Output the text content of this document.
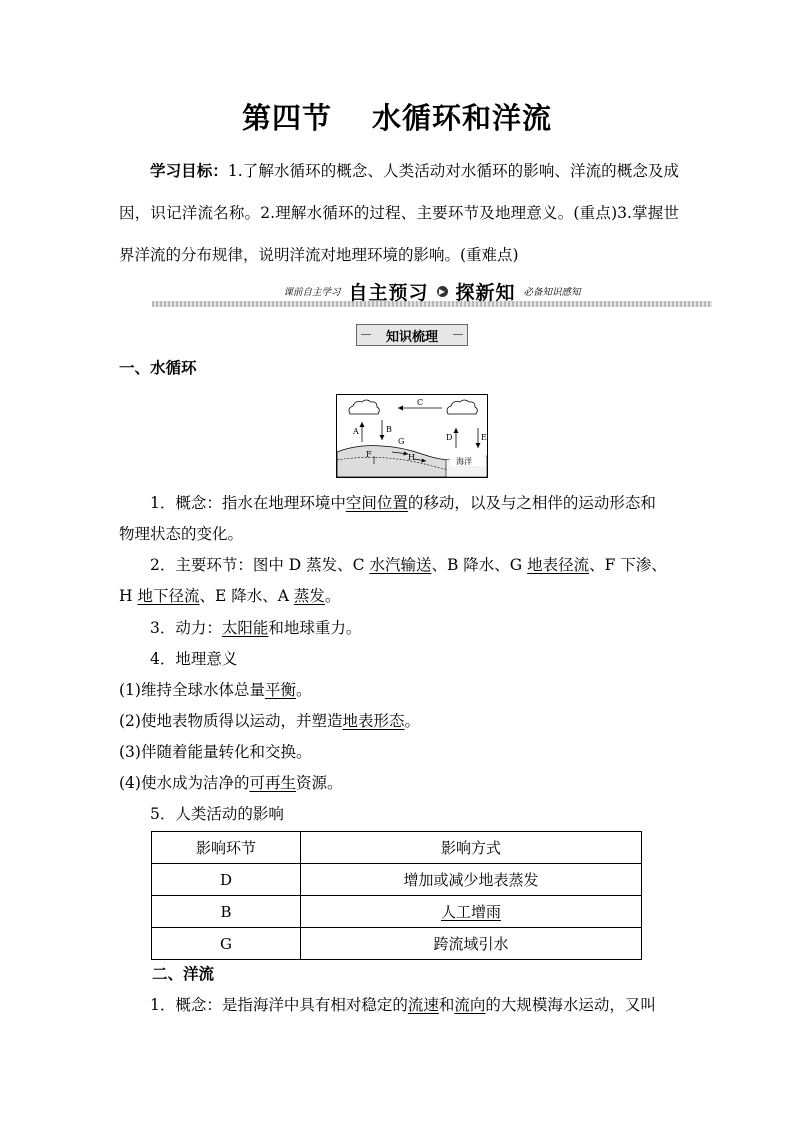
第四节 水循环和洋流
学习目标：1.了解水循环的概念、人类活动对水循环的影响、洋流的概念及成因，识记洋流名称。2.理解水循环的过程、主要环节及地理意义。(重点)3.掌握世界洋流的分布规律，说明洋流对地理环境的影响。(重难点)
课前自主学习 自主预习	▶ 探新知 必备知识感知
知识梳理
一、水循环
C
A	B
D	E
海洋
G
F	H
1．概念：指水在地理环境中空间位置的移动，以及与之相伴的运动形态和
物理状态的变化。
2．主要环节：图中 D 蒸发、C 水汽输送、B 降水、G 地表径流、F 下渗、
H 地下径流、E 降水、A 蒸发。
3．动力：太阳能和地球重力。
4．地理意义
(1)维持全球水体总量平衡。
(2)使地表物质得以运动，并塑造地表形态。
(3)伴随着能量转化和交换。
(4)使水成为洁净的可再生资源。
5．人类活动的影响
影响环节	影响方式
D	增加或减少地表蒸发
B	人工增雨
G	跨流域引水
二、洋流
1．概念：是指海洋中具有相对稳定的流速和流向的大规模海水运动，又叫
